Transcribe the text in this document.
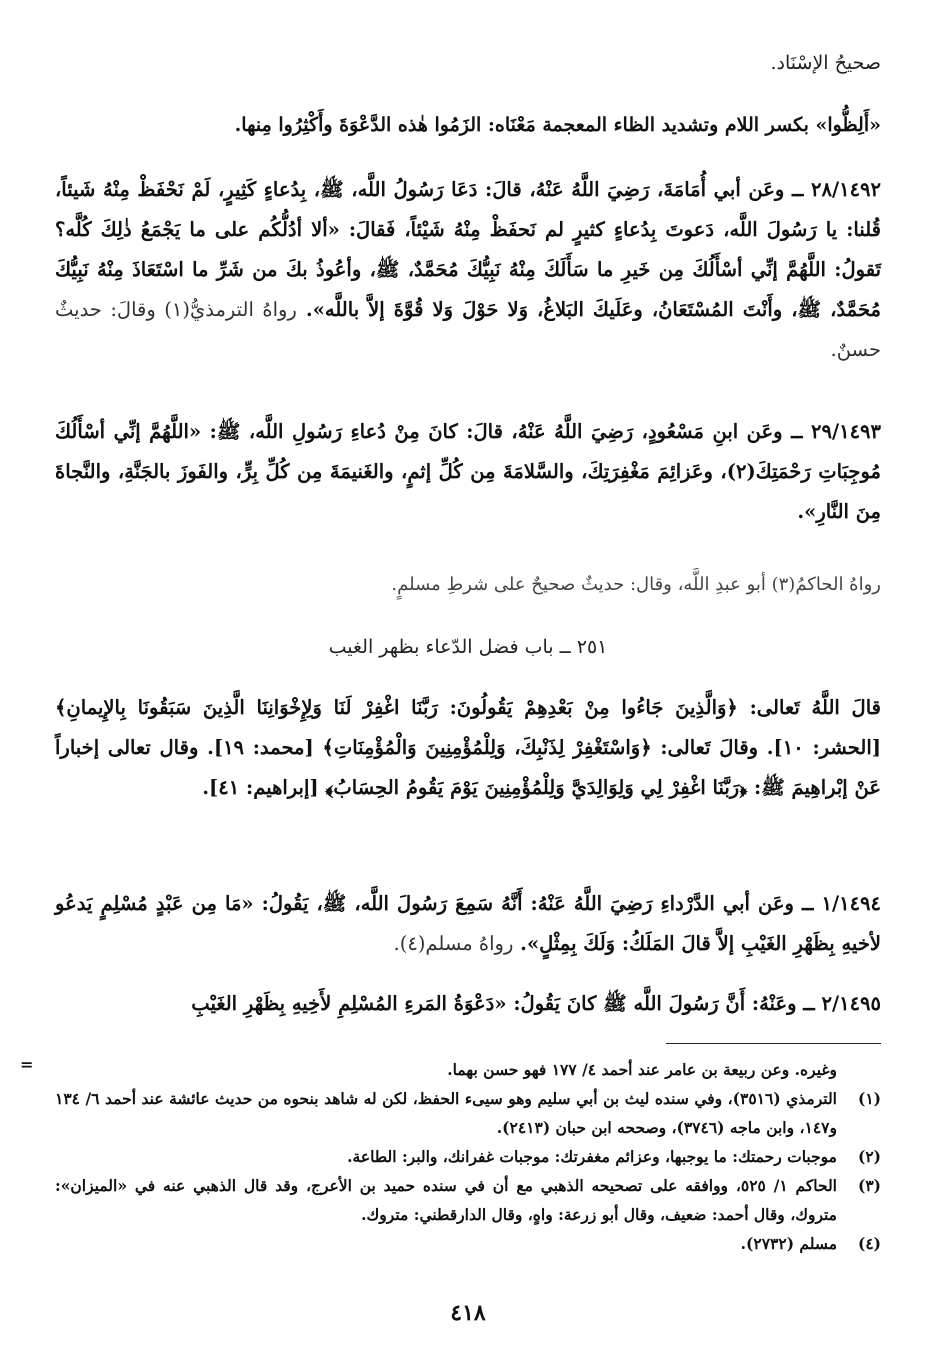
صحيحُ الإسْنَاد.
«أَلِظُّوا» بكسر اللام وتشديد الظاء المعجمة مَعْنَاه: الزَمُوا هٰذه الدَّعْوَةَ وأَكْثِرُوا مِنها.
٢٨/١٤٩٢ ــ وعَن أبي أُمَامَةَ، رَضِيَ اللَّهُ عَنْهُ، قالَ: دَعَا رَسُولُ اللَّه، ﷺ، بِدُعاءٍ كَثِيرٍ، لَمْ نَحْفَظْ مِنْهُ شَيئاً، قُلنا: يا رَسُولَ اللَّه، دَعوتَ بِدُعاءٍ كثيرٍ لم نَحفَظْ مِنْهُ شَيْئاً، فَقالَ: «ألا أدُلُّكُم على ما يَجْمَعُ ذٰلِكَ كُلَّه؟ تَقولُ: اللَّهُمَّ إنِّي أسْأَلُكَ مِن خَيرِ ما سَأَلَكَ مِنْهُ نَبِيُّكَ مُحَمَّدٌ، ﷺ، وأعُوذُ بكَ من شَرِّ ما اسْتَعَاذَ مِنْهُ نَبِيُّكَ مُحَمَّدٌ، ﷺ، وأَنْتَ المُسْتَعَانُ، وعَلَيكَ البَلاغُ، وَلا حَوْلَ وَلا قُوَّةَ إلاَّ باللَّه». رواهُ الترمذيُّ(١) وقالَ: حديثٌ حسنٌ.
٢٩/١٤٩٣ ــ وعَن ابنِ مَسْعُودٍ، رَضِيَ اللَّهُ عَنْهُ، قالَ: كانَ مِنْ دُعاءِ رَسُولِ اللَّه، ﷺ: «اللَّهُمَّ إنِّي أسْأَلُكَ مُوجِبَاتِ رَحْمَتِكَ(٢)، وعَزائِمَ مَغْفِرَتِكَ، والسَّلامَةَ مِن كُلِّ إثمٍ، والغَنيمَةَ مِن كُلِّ بِرٍّ، والفَوزَ بالجَنَّةِ، والنَّجاةَ مِنَ النَّارِ».
رواهُ الحاكمُ(٣) أبو عبدِ اللَّه، وقال: حديثٌ صحيحٌ على شرطِ مسلمٍ.
٢٥١ ــ باب فضل الدّعاء بظهر الغيب
قالَ اللَّهُ تَعالى: ﴿وَالَّذِينَ جَاءُوا مِنْ بَعْدِهِمْ يَقُولُونَ: رَبَّنَا اغْفِرْ لَنَا وَلِإِخْوَانِنَا الَّذِينَ سَبَقُونَا بِالإِيمانِ﴾ [الحشر: ١٠]. وقالَ تَعالى: ﴿وَاسْتَغْفِرْ لِذَنْبِكَ، وَلِلْمُؤْمِنِينَ وَالْمُؤْمِنَاتِ﴾ [محمد: ١٩]. وقال تعالى إخباراً عَنْ إبْراهِيمَ ﷺ: ﴿رَبَّنَا اغْفِرْ لِي وَلِوَالِدَيَّ وَلِلْمُؤْمِنِينَ يَوْمَ يَقُومُ الحِسَابُ﴾ [إبراهيم: ٤١].
١/١٤٩٤ ــ وعَن أبي الدَّرْداءِ رَضِيَ اللَّهُ عَنْهُ: أَنَّهُ سَمِعَ رَسُولَ اللَّه، ﷺ، يَقُولُ: «مَا مِن عَبْدٍ مُسْلِمٍ يَدعُو لأخيهِ بِظَهْرِ الغَيْبِ إلاَّ قالَ المَلَكُ: وَلَكَ بِمِثْلٍ». رواهُ مسلم(٤).
٢/١٤٩٥ ــ وعَنْهُ: أَنَّ رَسُولَ اللَّه ﷺ كانَ يَقُولُ: «دَعْوَةُ المَرءِ المُسْلِمِ لأَخِيهِ بِظَهْرِ الغَيْبِ
=	وغيره. وعن ربيعة بن عامر عند أحمد ٤/ ١٧٧ فهو حسن بهما.
(١)
الترمذي (٣٥١٦)، وفي سنده ليث بن أبي سليم وهو سيىء الحفظ، لكن له شاهد بنحوه من حديث عائشة عند أحمد ٦/ ١٣٤ و١٤٧، وابن ماجه (٣٧٤٦)، وصححه ابن حبان (٢٤١٣).
(٢)
موجبات رحمتك: ما يوجبها، وعزائم مغفرتك: موجبات غفرانك، والبر: الطاعة.
(٣)
الحاكم ١/ ٥٢٥، ووافقه على تصحيحه الذهبي مع أن في سنده حميد بن الأعرج، وقد قال الذهبي عنه في «الميزان»: متروك، وقال أحمد: ضعيف، وقال أبو زرعة: واهٍ، وقال الدارقطني: متروك.
(٤)
مسلم (٢٧٣٢).
٤١٨
